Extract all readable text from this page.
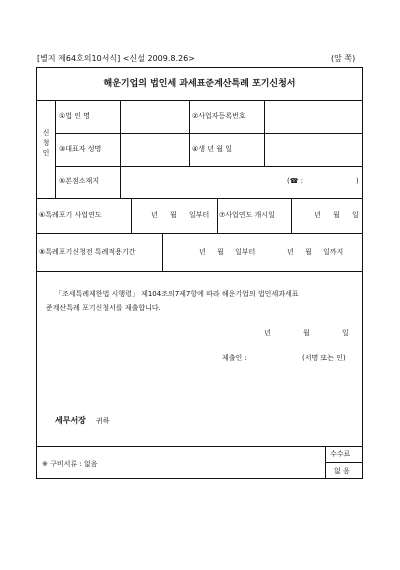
[별지 제64호의10서식] <신설 2009.8.26>	(앞 쪽)
해운기업의 법인세 과세표준계산특례 포기신청서
신
청
인
①법 인 명	②사업자등록번호
③대표자 성명	④생 년 월 일
⑤본점소재지	(☎ :	)
⑥특례포기 사업연도	년 월 일부터 ⑦사업연도 개시일	년 월 일
⑧특례포기신청전 특례적용기간	년 월 일부터	년 월 일까지
「조세특례제한법 시행령」 제104조의7제7항에 따라 해운기업의 법인세과세표
준계산특례 포기신청서를 제출합니다.
년 월 일
제출인 :	(서명 또는 인)
세무서장 귀하
※ 구비서류 : 없음
수수료
없 음
